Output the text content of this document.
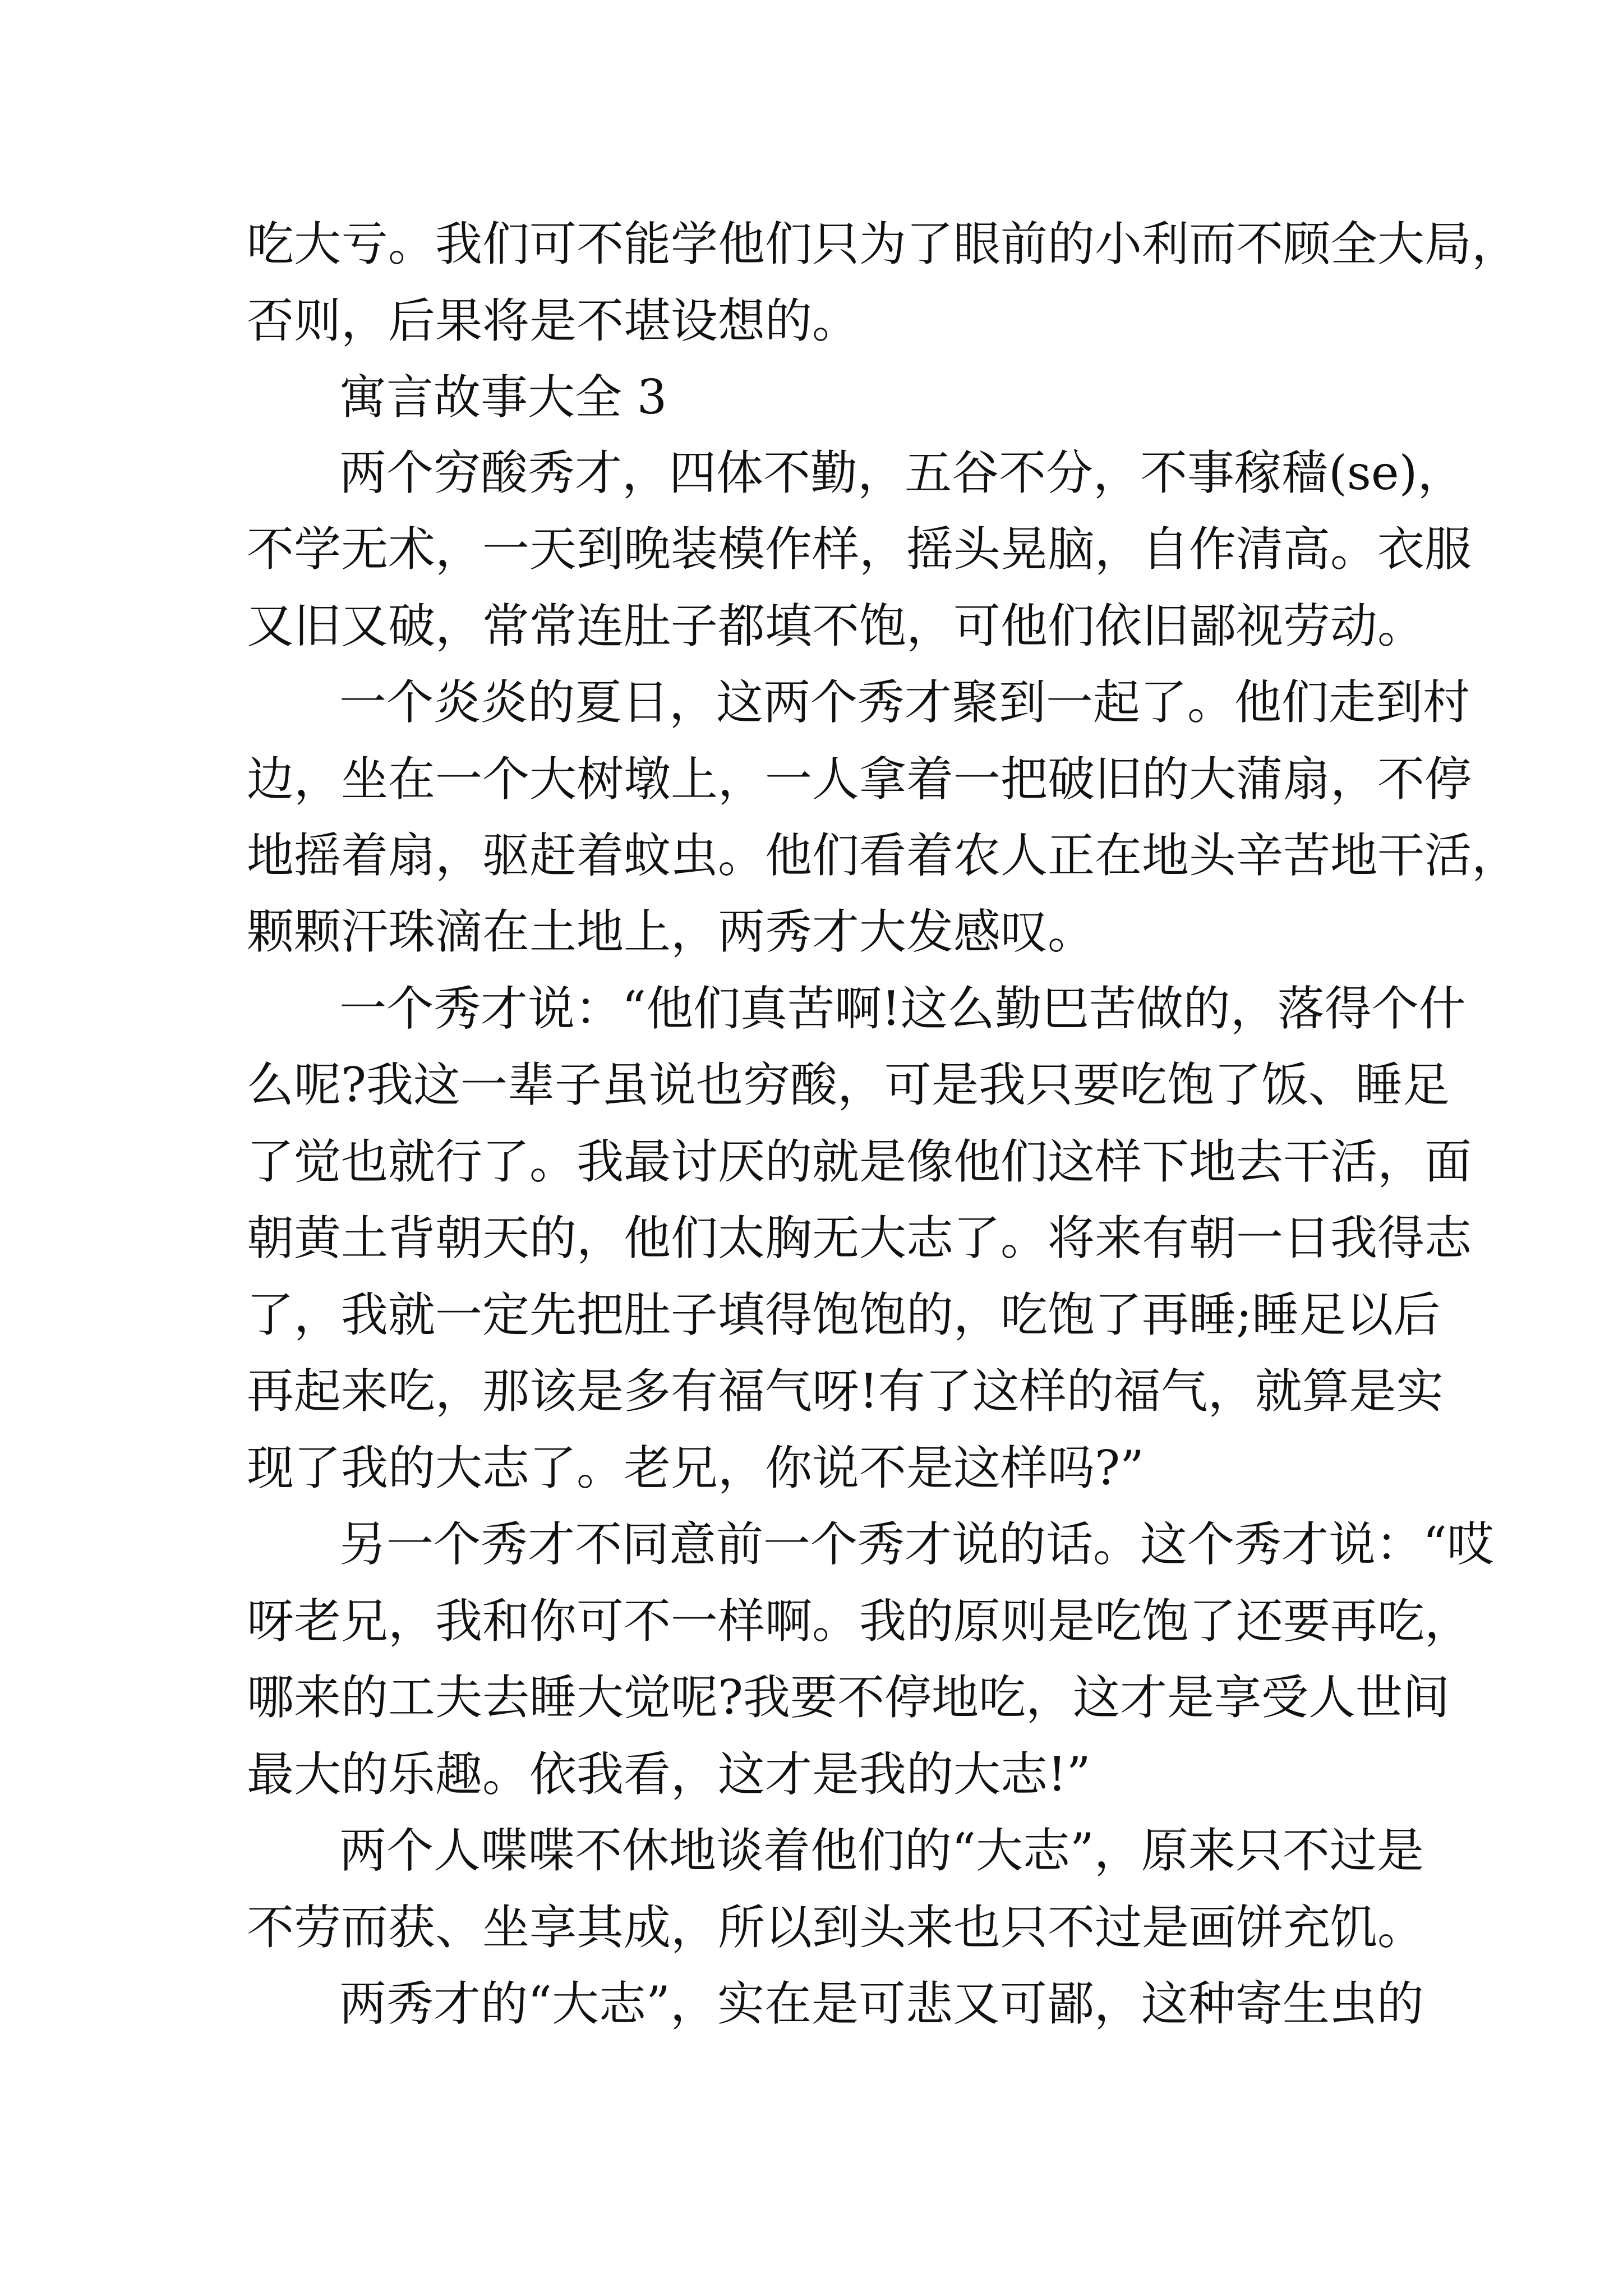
吃大亏。我们可不能学他们只为了眼前的小利而不顾全大局，
否则，后果将是不堪设想的。
寓言故事大全 3
两个穷酸秀才，四体不勤，五谷不分，不事稼穑(se)，
不学无术，一天到晚装模作样，摇头晃脑，自作清高。衣服
又旧又破，常常连肚子都填不饱，可他们依旧鄙视劳动。
一个炎炎的夏日，这两个秀才聚到一起了。他们走到村
边，坐在一个大树墩上，一人拿着一把破旧的大蒲扇，不停
地摇着扇，驱赶着蚊虫。他们看着农人正在地头辛苦地干活，
颗颗汗珠滴在土地上，两秀才大发感叹。
一个秀才说：“他们真苦啊!这么勤巴苦做的，落得个什
么呢?我这一辈子虽说也穷酸，可是我只要吃饱了饭、睡足
了觉也就行了。我最讨厌的就是像他们这样下地去干活，面
朝黄土背朝天的，他们太胸无大志了。将来有朝一日我得志
了，我就一定先把肚子填得饱饱的，吃饱了再睡;睡足以后
再起来吃，那该是多有福气呀!有了这样的福气，就算是实
现了我的大志了。老兄，你说不是这样吗?”
另一个秀才不同意前一个秀才说的话。这个秀才说：“哎
呀老兄，我和你可不一样啊。我的原则是吃饱了还要再吃，
哪来的工夫去睡大觉呢?我要不停地吃，这才是享受人世间
最大的乐趣。依我看，这才是我的大志!”
两个人喋喋不休地谈着他们的“大志”，原来只不过是
不劳而获、坐享其成，所以到头来也只不过是画饼充饥。
两秀才的“大志”，实在是可悲又可鄙，这种寄生虫的
